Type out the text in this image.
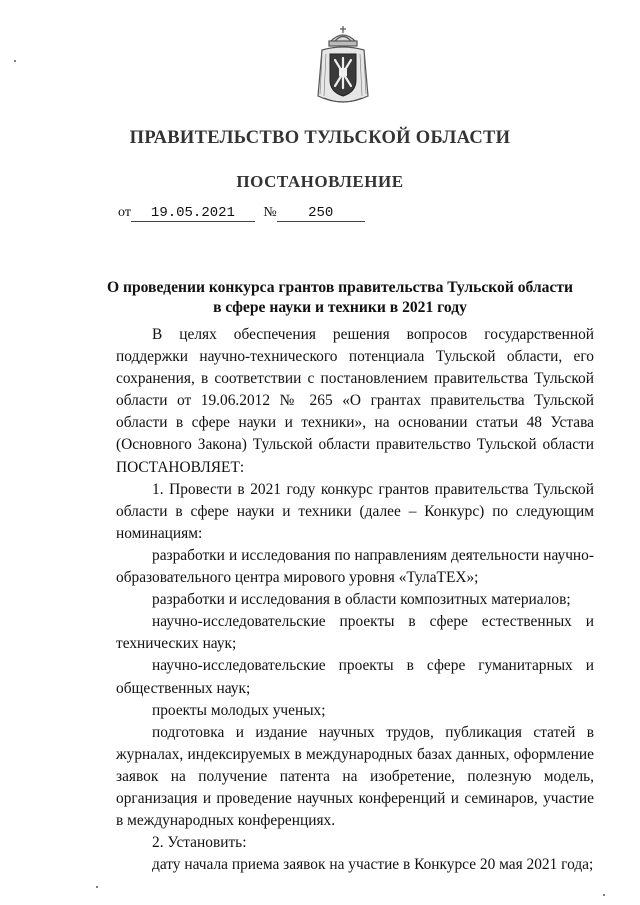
ПРАВИТЕЛЬСТВО ТУЛЬСКОЙ ОБЛАСТИ
ПОСТАНОВЛЕНИЕ
от 19.05.2021 № 250
О проведении конкурса грантов правительства Тульской области
в сфере науки и техники в 2021 году

В целях обеспечения решения вопросов государственной поддержки научно-технического потенциала Тульской области, его сохранения, в соответствии с постановлением правительства Тульской области от 19.06.2012 № 265 «О грантах правительства Тульской области в сфере науки и техники», на основании статьи 48 Устава (Основного Закона) Тульской области правительство Тульской области ПОСТАНОВЛЯЕТ:

1. Провести в 2021 году конкурс грантов правительства Тульской области в сфере науки и техники (далее – Конкурс) по следующим номинациям:

разработки и исследования по направлениям деятельности научно-образовательного центра мирового уровня «ТулаТЕХ»;

разработки и исследования в области композитных материалов;

научно-исследовательские проекты в сфере естественных и технических наук;

научно-исследовательские проекты в сфере гуманитарных и общественных наук;

проекты молодых ученых;

подготовка и издание научных трудов, публикация статей в журналах, индексируемых в международных базах данных, оформление заявок на получение патента на изобретение, полезную модель, организация и проведение научных конференций и семинаров, участие в международных конференциях.

2. Установить:

дату начала приема заявок на участие в Конкурсе 20 мая 2021 года;
